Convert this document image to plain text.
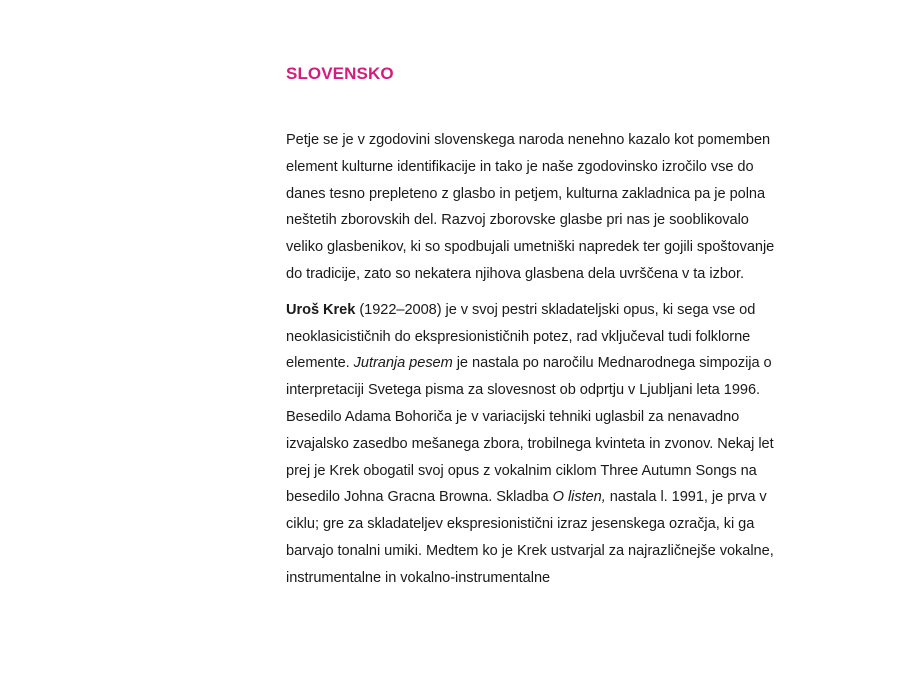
SLOVENSKO

Petje se je v zgodovini slovenskega naroda nenehno kazalo kot pomemben element kulturne identifikacije in tako je naše zgodovinsko izročilo vse do danes tesno prepleteno z glasbo in petjem, kulturna zakladnica pa je polna neštetih zborovskih del. Razvoj zborovske glasbe pri nas je sooblikovalo veliko glasbenikov, ki so spodbujali umetniški napredek ter gojili spoštovanje do tradicije, zato so nekatera njihova glasbena dela uvrščena v ta izbor.

Uroš Krek (1922–2008) je v svoj pestri skladateljski opus, ki sega vse od neoklasicističnih do ekspresionističnih potez, rad vključeval tudi folklorne elemente. Jutranja pesem je nastala po naročilu Mednarodnega simpozija o interpretaciji Svetega pisma za slovesnost ob odprtju v Ljubljani leta 1996. Besedilo Adama Bohoriča je v variacijski tehniki uglasbil za nenavadno izvajalsko zasedbo mešanega zbora, trobilnega kvinteta in zvonov. Nekaj let prej je Krek obogatil svoj opus z vokalnim ciklom Three Autumn Songs na besedilo Johna Gracna Browna. Skladba O listen, nastala l. 1991, je prva v ciklu; gre za skladateljev ekspresionistični izraz jesenskega ozračja, ki ga barvajo tonalni umiki. Medtem ko je Krek ustvarjal za najrazličnejše vokalne, instrumentalne in vokalno-instrumentalne
